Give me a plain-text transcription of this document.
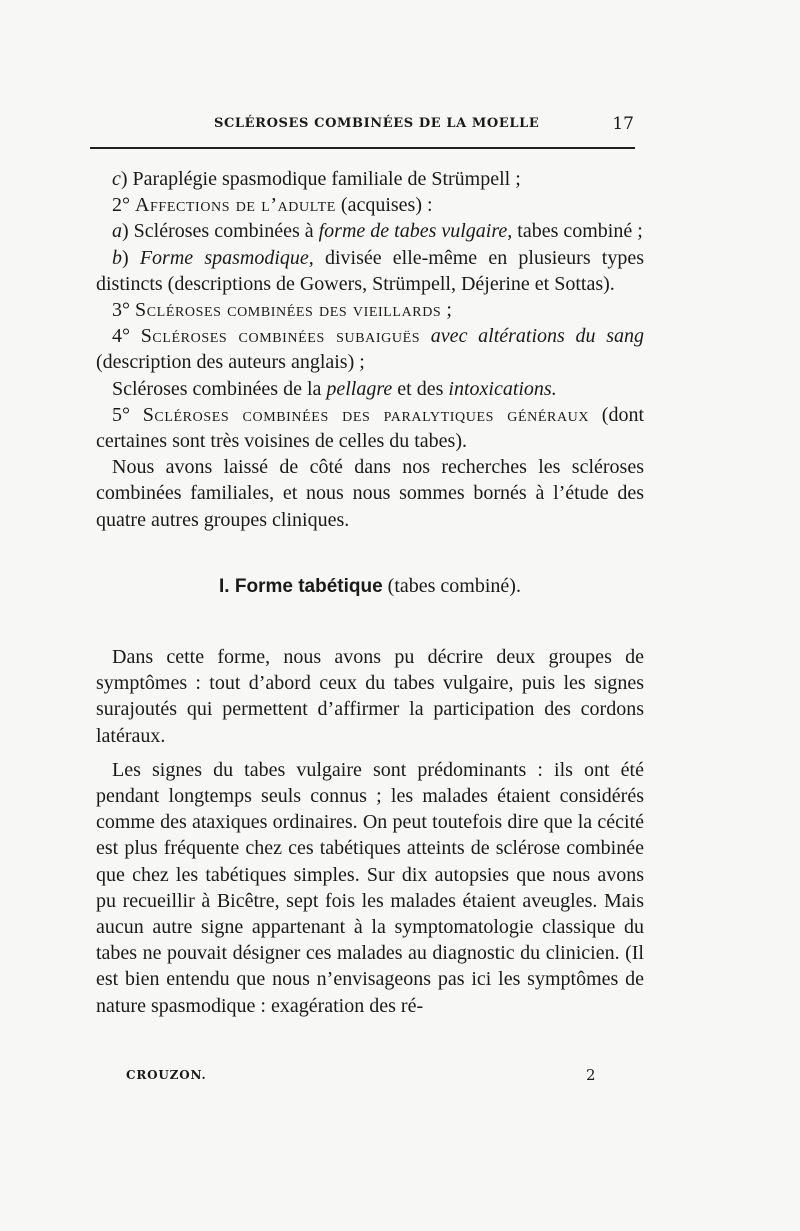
SCLÉROSES COMBINÉES DE LA MOELLE	17

c) Paraplégie spasmodique familiale de Strümpell ;

2° Affections de l’adulte (acquises) :

a) Scléroses combinées à forme de tabes vulgaire, tabes combiné ;

b) Forme spasmodique, divisée elle-même en plusieurs types distincts (descriptions de Gowers, Strümpell, Déjerine et Sottas).

3° Scléroses combinées des vieillards ;

4° Scléroses combinées subaiguës avec altérations du sang (description des auteurs anglais) ;

Scléroses combinées de la pellagre et des intoxications.

5° Scléroses combinées des paralytiques généraux (dont certaines sont très voisines de celles du tabes).

Nous avons laissé de côté dans nos recherches les scléroses combinées familiales, et nous nous sommes bornés à l’étude des quatre autres groupes cliniques.

I. Forme tabétique (tabes combiné).

Dans cette forme, nous avons pu décrire deux groupes de symptômes : tout d’abord ceux du tabes vulgaire, puis les signes surajoutés qui permettent d’affirmer la participation des cordons latéraux.

Les signes du tabes vulgaire sont prédominants : ils ont été pendant longtemps seuls connus ; les malades étaient considérés comme des ataxiques ordinaires. On peut toutefois dire que la cécité est plus fréquente chez ces tabétiques atteints de sclérose combinée que chez les tabétiques simples. Sur dix autopsies que nous avons pu recueillir à Bicêtre, sept fois les malades étaient aveugles. Mais aucun autre signe appartenant à la symptomatologie classique du tabes ne pouvait désigner ces malades au diagnostic du clinicien. (Il est bien entendu que nous n’envisageons pas ici les symptômes de nature spasmodique : exagération des ré-

CROUZON.	2
